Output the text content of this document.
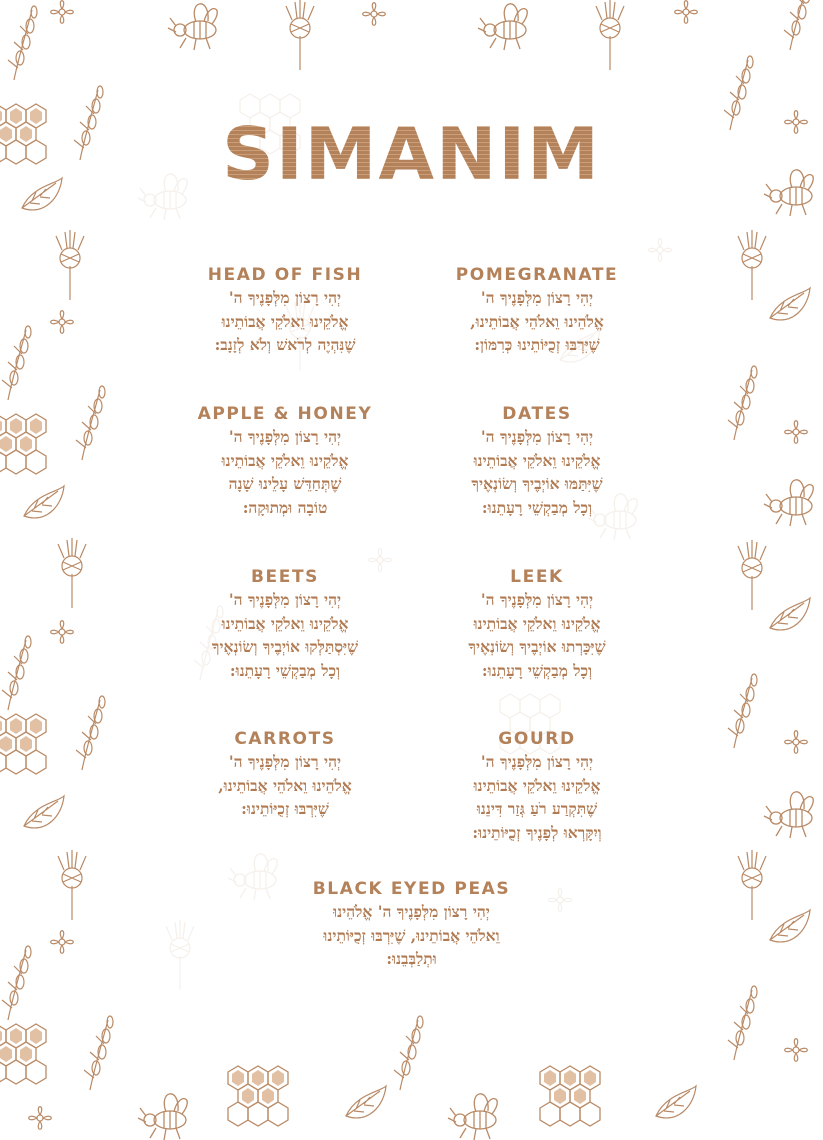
SIMANIM
HEAD OF FISH
יְהִי רָצוֹן מִלְּפָנֶיךָ ה'
אֱלֹקֵינוּ וֵאלֹקֵי אֲבוֹתֵינוּ
שֶׁנִּהְיֶה לְרֹאשׁ וְלֹא לְזָנָב:
POMEGRANATE
יְהִי רָצוֹן מִלְּפָנֶיךָ ה'
אֱלֹהֵינוּ וֵאלֹהֵי אֲבוֹתֵינוּ,
שֶׁיִּרְבּוּ זְכֻיּוֹתֵינוּ כְּרִמּוֹן:
APPLE & HONEY
יְהִי רָצוֹן מִלְּפָנֶיךָ ה'
אֱלֹקֵינוּ וֵאלֹקֵי אֲבוֹתֵינוּ
שֶׁתְּחַדֵּשׁ עָלֵינוּ שָׁנָה
טוֹבָה וּמְתוּקָה:
DATES
יְהִי רָצוֹן מִלְּפָנֶיךָ ה'
אֱלֹקֵינוּ וֵאלֹקֵי אֲבוֹתֵינוּ
שֶׁיִּתַּמּוּ אוֹיְבֶיךָ וְשׂוֹנְאֶיךָ
וְכָל מְבַקְשֵׁי רָעָתֵנוּ:
BEETS
יְהִי רָצוֹן מִלְּפָנֶיךָ ה'
אֱלֹקֵינוּ וֵאלֹקֵי אֲבוֹתֵינוּ
שֶׁיִּסְתַּלְּקוּ אוֹיְבֶיךָ וְשׂוֹנְאֶיךָ
וְכָל מְבַקְשֵׁי רָעָתֵנוּ:
LEEK
יְהִי רָצוֹן מִלְּפָנֶיךָ ה'
אֱלֹקֵינוּ וֵאלֹקֵי אֲבוֹתֵינוּ
שֶׁיִּכָּרְתוּ אוֹיְבֶיךָ וְשׂוֹנְאֶיךָ
וְכָל מְבַקְשֵׁי רָעָתֵנוּ:
CARROTS
יְהִי רָצוֹן מִלְּפָנֶיךָ ה'
אֱלֹהֵינוּ וֵאלֹהֵי אֲבוֹתֵינוּ,
שֶׁיִּרְבּוּ זְכֻיּוֹתֵינוּ:
GOURD
יְהִי רָצוֹן מִלְּפָנֶיךָ ה'
אֱלֹקֵינוּ וֵאלֹקֵי אֲבוֹתֵינוּ
שֶׁתִּקְרַע רֹעַ גְּזַר דִּינֵנוּ
וְיִקָּרְאוּ לְפָנֶיךָ זְכֻיּוֹתֵינוּ:
BLACK EYED PEAS
יְהִי רָצוֹן מִלְּפָנֶיךָ ה' אֱלֹהֵינוּ
וֵאלֹהֵי אֲבוֹתֵינוּ, שֶׁיִּרְבּוּ זְכֻיּוֹתֵינוּ
וּתְלַבְּבֵנוּ:
